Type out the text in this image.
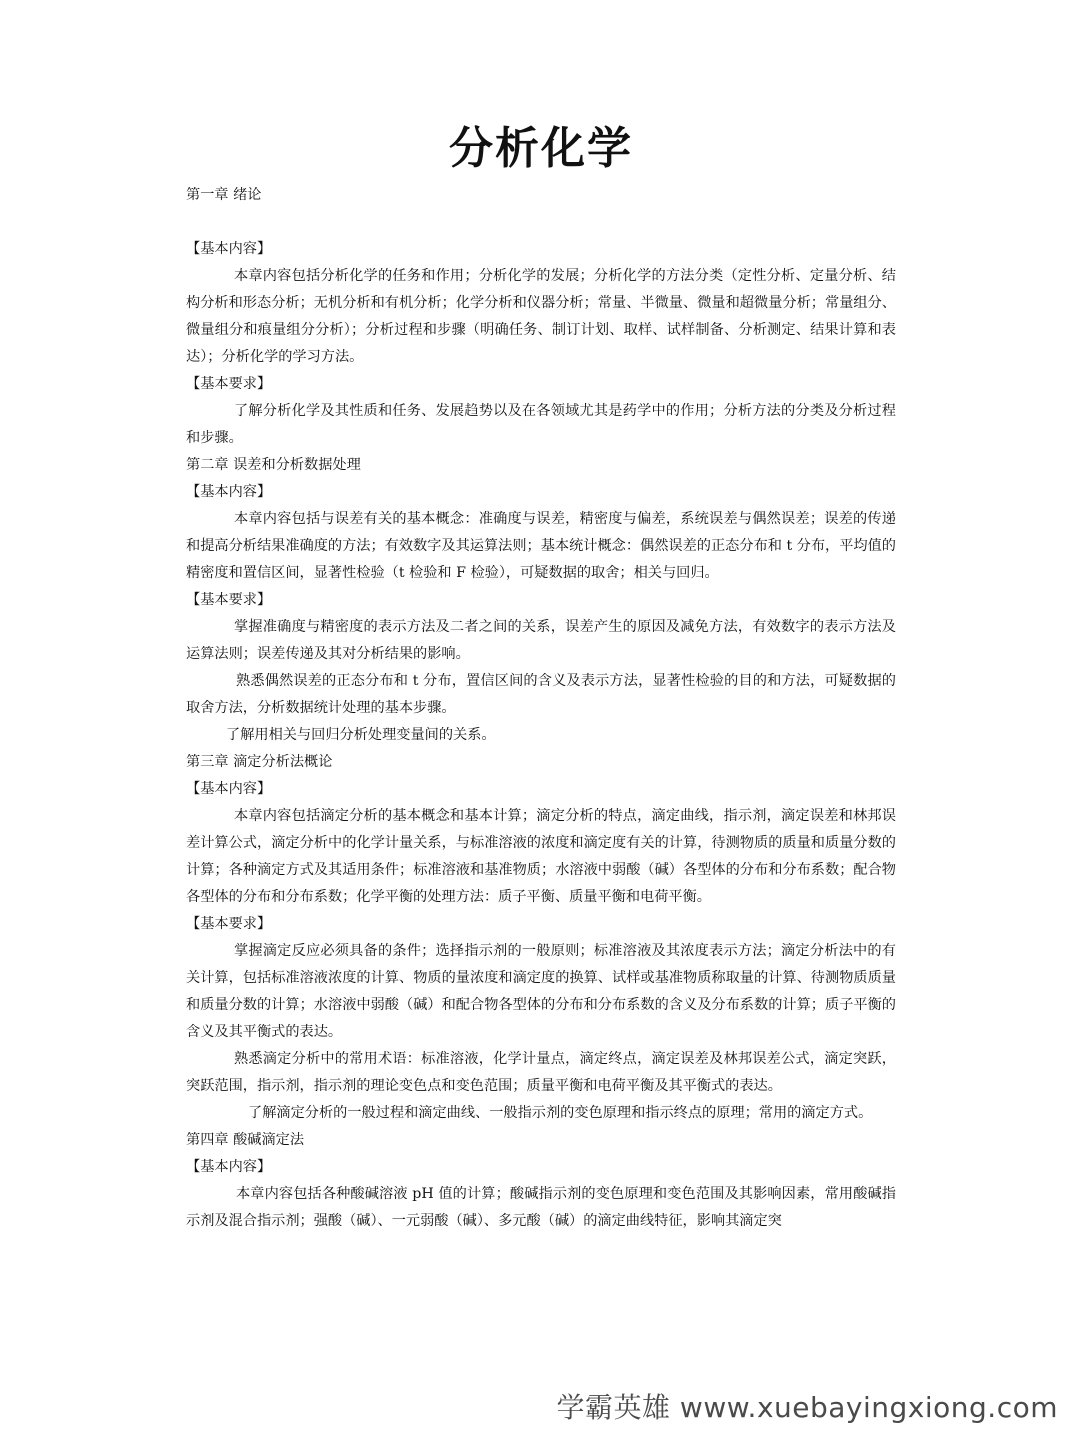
分析化学

第一章 绪论

【基本内容】

本章内容包括分析化学的任务和作用；分析化学的发展；分析化学的方法分类（定性分析、定量分析、结构分析和形态分析；无机分析和有机分析；化学分析和仪器分析；常量、半微量、微量和超微量分析；常量组分、微量组分和痕量组分分析）；分析过程和步骤（明确任务、制订计划、取样、试样制备、分析测定、结果计算和表达）；分析化学的学习方法。

【基本要求】

了解分析化学及其性质和任务、发展趋势以及在各领域尤其是药学中的作用；分析方法的分类及分析过程和步骤。

第二章 误差和分析数据处理

【基本内容】

本章内容包括与误差有关的基本概念：准确度与误差，精密度与偏差，系统误差与偶然误差；误差的传递和提高分析结果准确度的方法；有效数字及其运算法则；基本统计概念：偶然误差的正态分布和 t 分布，平均值的精密度和置信区间，显著性检验（t 检验和 F 检验），可疑数据的取舍；相关与回归。

【基本要求】

掌握准确度与精密度的表示方法及二者之间的关系，误差产生的原因及减免方法，有效数字的表示方法及运算法则；误差传递及其对分析结果的影响。

熟悉偶然误差的正态分布和 t 分布，置信区间的含义及表示方法，显著性检验的目的和方法，可疑数据的取舍方法，分析数据统计处理的基本步骤。

了解用相关与回归分析处理变量间的关系。

第三章 滴定分析法概论

【基本内容】

本章内容包括滴定分析的基本概念和基本计算；滴定分析的特点，滴定曲线，指示剂，滴定误差和林邦误差计算公式，滴定分析中的化学计量关系，与标准溶液的浓度和滴定度有关的计算，待测物质的质量和质量分数的计算；各种滴定方式及其适用条件；标准溶液和基准物质；水溶液中弱酸（碱）各型体的分布和分布系数；配合物各型体的分布和分布系数；化学平衡的处理方法：质子平衡、质量平衡和电荷平衡。

【基本要求】

掌握滴定反应必须具备的条件；选择指示剂的一般原则；标准溶液及其浓度表示方法；滴定分析法中的有关计算，包括标准溶液浓度的计算、物质的量浓度和滴定度的换算、试样或基准物质称取量的计算、待测物质质量和质量分数的计算；水溶液中弱酸（碱）和配合物各型体的分布和分布系数的含义及分布系数的计算；质子平衡的含义及其平衡式的表达。

熟悉滴定分析中的常用术语：标准溶液，化学计量点，滴定终点，滴定误差及林邦误差公式，滴定突跃，突跃范围，指示剂，指示剂的理论变色点和变色范围；质量平衡和电荷平衡及其平衡式的表达。

了解滴定分析的一般过程和滴定曲线、一般指示剂的变色原理和指示终点的原理；常用的滴定方式。

第四章 酸碱滴定法

【基本内容】

本章内容包括各种酸碱溶液 pH 值的计算；酸碱指示剂的变色原理和变色范围及其影响因素，常用酸碱指示剂及混合指示剂；强酸（碱）、一元弱酸（碱）、多元酸（碱）的滴定曲线特征，影响其滴定突

学霸英雄 www.xuebayingxiong.com
